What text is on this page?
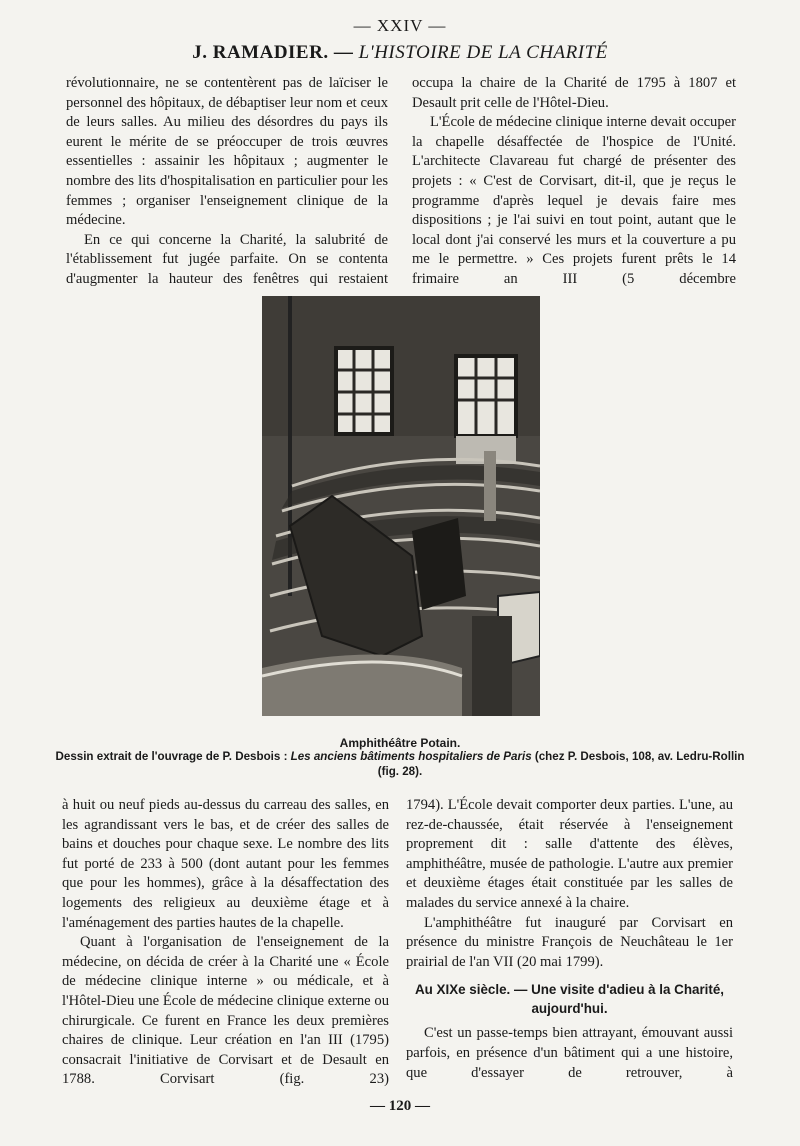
— XXIV —
J. RAMADIER. — L'HISTOIRE DE LA CHARITÉ

révolutionnaire, ne se contentèrent pas de laïciser le personnel des hôpitaux, de débaptiser leur nom et ceux de leurs salles. Au milieu des désordres du pays ils eurent le mérite de se préoccuper de trois œuvres essentielles : assainir les hôpitaux ; augmenter le nombre des lits d'hospitalisation en particulier pour les femmes ; organiser l'enseignement clinique de la médecine.

En ce qui concerne la Charité, la salubrité de l'établissement fut jugée parfaite. On se contenta d'augmenter la hauteur des fenêtres qui restaient

occupa la chaire de la Charité de 1795 à 1807 et Desault prit celle de l'Hôtel-Dieu.

L'École de médecine clinique interne devait occuper la chapelle désaffectée de l'hospice de l'Unité. L'architecte Clavareau fut chargé de présenter des projets : « C'est de Corvisart, dit-il, que je reçus le programme d'après lequel je devais faire mes dispositions ; je l'ai suivi en tout point, autant que le local dont j'ai conservé les murs et la couverture a pu me le permettre. » Ces projets furent prêts le 14 frimaire an III (5 décembre

Amphithéâtre Potain.
Dessin extrait de l'ouvrage de P. Desbois : Les anciens bâtiments hospitaliers de Paris (chez P. Desbois, 108, av. Ledru-Rollin (fig. 28).

à huit ou neuf pieds au-dessus du carreau des salles, en les agrandissant vers le bas, et de créer des salles de bains et douches pour chaque sexe. Le nombre des lits fut porté de 233 à 500 (dont autant pour les femmes que pour les hommes), grâce à la désaffectation des logements des religieux au deuxième étage et à l'aménagement des parties hautes de la chapelle.

Quant à l'organisation de l'enseignement de la médecine, on décida de créer à la Charité une « École de médecine clinique interne » ou médicale, et à l'Hôtel-Dieu une École de médecine clinique externe ou chirurgicale. Ce furent en France les deux premières chaires de clinique. Leur création en l'an III (1795) consacrait l'initiative de Corvisart et de Desault en 1788. Corvisart (fig. 23)

1794). L'École devait comporter deux parties. L'une, au rez-de-chaussée, était réservée à l'enseignement proprement dit : salle d'attente des élèves, amphithéâtre, musée de pathologie. L'autre aux premier et deuxième étages était constituée par les salles de malades du service annexé à la chaire.

L'amphithéâtre fut inauguré par Corvisart en présence du ministre François de Neuchâteau le 1er prairial de l'an VII (20 mai 1799).

Au XIXe siècle. — Une visite d'adieu à la Charité, aujourd'hui.

C'est un passe-temps bien attrayant, émouvant aussi parfois, en présence d'un bâtiment qui a une histoire, que d'essayer de retrouver, à

— 120 —
